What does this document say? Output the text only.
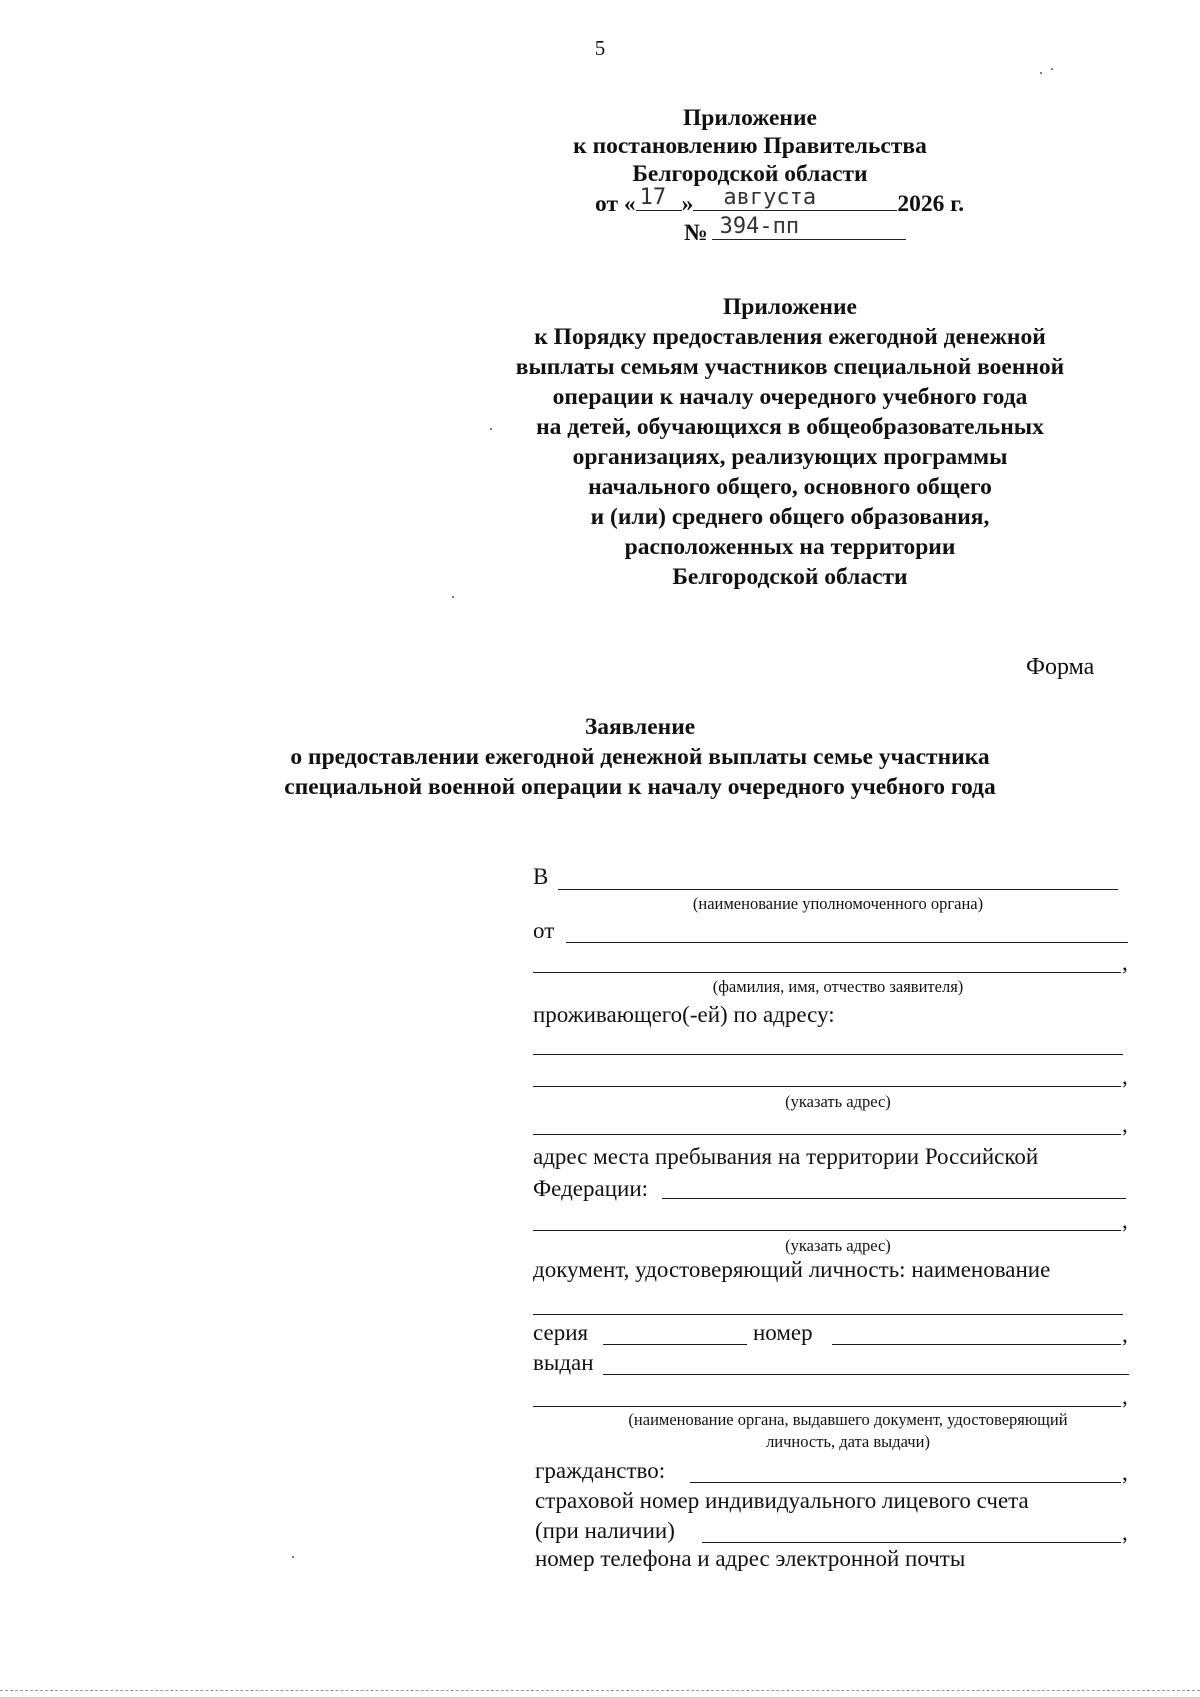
5
Приложение
к постановлению Правительства
Белгородской области
от « 17 » августа	2026 г.
№ 394-пп
Приложение
к Порядку предоставления ежегодной денежной
выплаты семьям участников специальной военной
операции к началу очередного учебного года
на детей, обучающихся в общеобразовательных
организациях, реализующих программы
начального общего, основного общего
и (или) среднего общего образования,
расположенных на территории
Белгородской области
Форма
Заявление
о предоставлении ежегодной денежной выплаты семье участника
специальной военной операции к началу очередного учебного года
В
(наименование уполномоченного органа)
от
,
(фамилия, имя, отчество заявителя)
проживающего(-ей) по адресу:
,
(указать адрес)
,
адрес места пребывания на территории Российской
Федерации:
,
(указать адрес)
документ, удостоверяющий личность: наименование
серия	номер	,
выдан
,
(наименование органа, выдавшего документ, удостоверяющий
личность, дата выдачи)
гражданство:	,
страховой номер индивидуального лицевого счета
(при наличии)	,
номер телефона и адрес электронной почты
